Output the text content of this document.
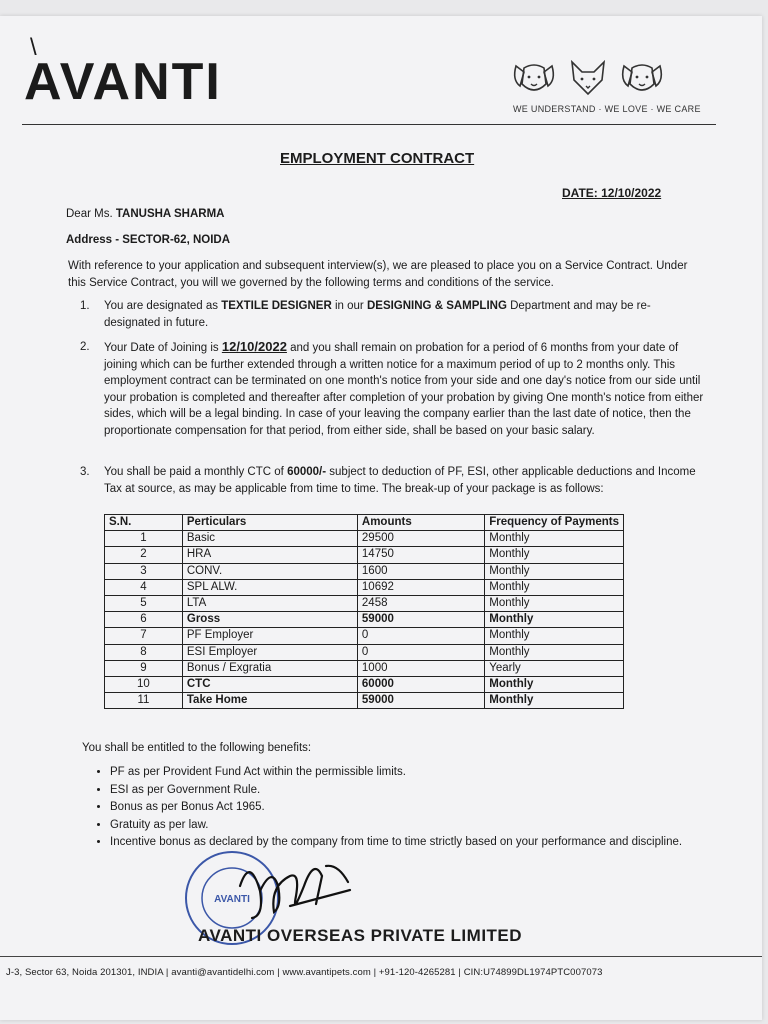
\
AVANTI	WE UNDERSTAND · WE LOVE · WE CARE
EMPLOYMENT CONTRACT
DATE: 12/10/2022
Dear Ms. TANUSHA SHARMA
Address - SECTOR-62, NOIDA
With reference to your application and subsequent interview(s), we are pleased to place you on a Service Contract. Under this Service Contract, you will we governed by the following terms and conditions of the service.
1.	You are designated as TEXTILE DESIGNER in our DESIGNING & SAMPLING Department and may be re-designated in future.
2.	Your Date of Joining is 12/10/2022 and you shall remain on probation for a period of 6 months from your date of joining which can be further extended through a written notice for a maximum period of up to 2 months only. This employment contract can be terminated on one month's notice from your side and one day's notice from our side until your probation is completed and thereafter after completion of your probation by giving One month's notice from either sides, which will be a legal binding. In case of your leaving the company earlier than the last date of notice, then the proportionate compensation for that period, from either side, shall be based on your basic salary.
3.	You shall be paid a monthly CTC of 60000/- subject to deduction of PF, ESI, other applicable deductions and Income Tax at source, as may be applicable from time to time. The break-up of your package is as follows:
S.N.	Perticulars	Amounts	Frequency of Payments
1	Basic	29500	Monthly
2	HRA	14750	Monthly
3	CONV.	1600	Monthly
4	SPL ALW.	10692	Monthly
5	LTA	2458	Monthly
6	Gross	59000	Monthly
7	PF Employer	0	Monthly
8	ESI Employer	0	Monthly
9	Bonus / Exgratia	1000	Yearly
10	CTC	60000	Monthly
11	Take Home	59000	Monthly
You shall be entitled to the following benefits:
• PF as per Provident Fund Act within the permissible limits.
• ESI as per Government Rule.
• Bonus as per Bonus Act 1965.
• Gratuity as per law.
• Incentive bonus as declared by the company from time to time strictly based on your performance and discipline.
AVANTI
AVANTI OVERSEAS PRIVATE LIMITED
J-3, Sector 63, Noida 201301, INDIA | avanti@avantidelhi.com | www.avantipets.com | +91-120-4265281 | CIN:U74899DL1974PTC007073
